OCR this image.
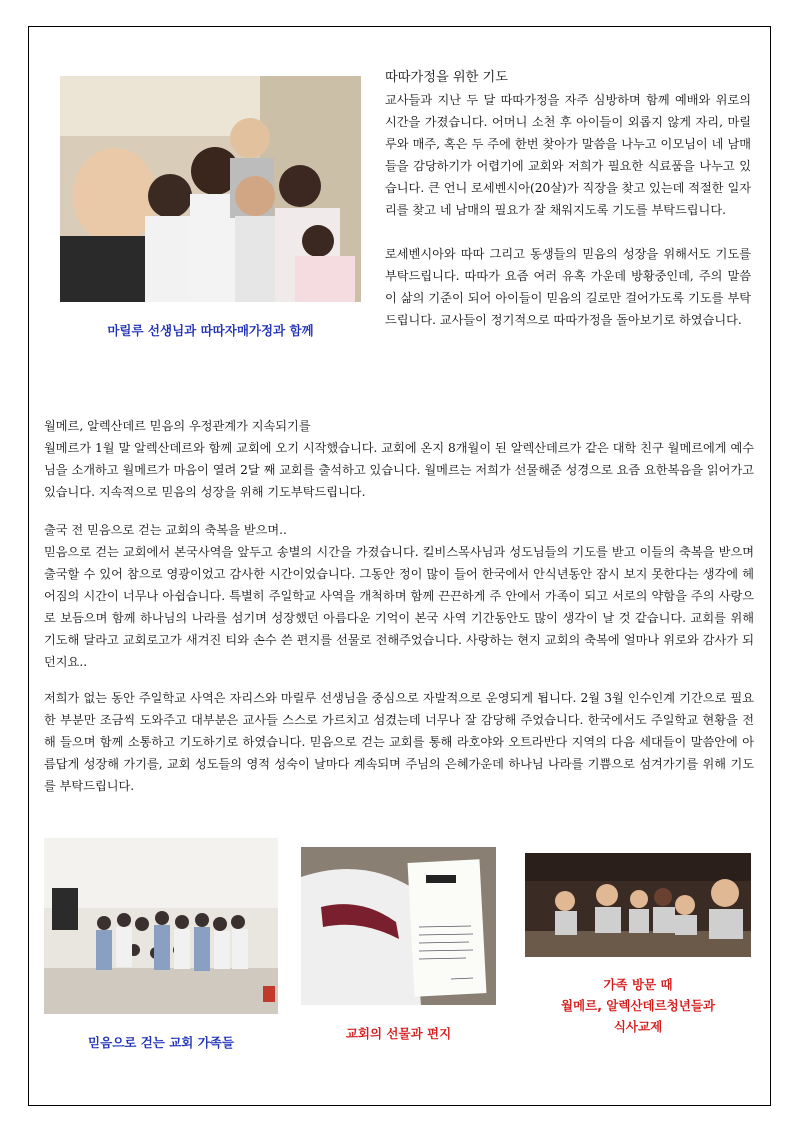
마릴루 선생님과 따따자매가정과 함께

따따가정을 위한 기도

교사들과 지난 두 달 따따가정을 자주 심방하며 함께 예배와 위로의 시간을 가졌습니다. 어머니 소천 후 아이들이 외롭지 않게 자리, 마릴루와 매주, 혹은 두 주에 한번 찾아가 말씀을 나누고 이모님이 네 남매들을 감당하기가 어렵기에 교회와 저희가 필요한 식료품을 나누고 있습니다. 큰 언니 로세벤시아(20살)가 직장을 찾고 있는데 적절한 일자리를 찾고 네 남매의 필요가 잘 채워지도록 기도를 부탁드립니다.

로세벤시아와 따따 그리고 동생들의 믿음의 성장을 위해서도 기도를 부탁드립니다. 따따가 요즘 여러 유혹 가운데 방황중인데, 주의 말씀이 삶의 기준이 되어 아이들이 믿음의 길로만 걸어가도록 기도를 부탁드립니다. 교사들이 정기적으로 따따가정을 돌아보기로 하였습니다.

월메르, 알렉산데르 믿음의 우정관계가 지속되기를

월메르가 1월 말 알렉산데르와 함께 교회에 오기 시작했습니다. 교회에 온지 8개월이 된 알렉산데르가 같은 대학 친구 월메르에게 예수님을 소개하고 월메르가 마음이 열려 2달 째 교회를 출석하고 있습니다. 월메르는 저희가 선물해준 성경으로 요즘 요한복음을 읽어가고 있습니다. 지속적으로 믿음의 성장을 위해 기도부탁드립니다.

출국 전 믿음으로 걷는 교회의 축복을 받으며..

믿음으로 걷는 교회에서 본국사역을 앞두고 송별의 시간을 가졌습니다. 킬비스목사님과 성도님들의 기도를 받고 이들의 축복을 받으며 출국할 수 있어 참으로 영광이었고 감사한 시간이었습니다. 그동안 정이 많이 들어 한국에서 안식년동안 잠시 보지 못한다는 생각에 헤어짐의 시간이 너무나 아쉽습니다. 특별히 주일학교 사역을 개척하며 함께 끈끈하게 주 안에서 가족이 되고 서로의 약함을 주의 사랑으로 보듬으며 함께 하나님의 나라를 섬기며 성장했던 아름다운 기억이 본국 사역 기간동안도 많이 생각이 날 것 같습니다. 교회를 위해 기도해 달라고 교회로고가 새겨진 티와 손수 쓴 편지를 선물로 전해주었습니다. 사랑하는 현지 교회의 축복에 얼마나 위로와 감사가 되던지요..

저희가 없는 동안 주일학교 사역은 자리스와 마릴루 선생님을 중심으로 자발적으로 운영되게 됩니다. 2월 3월 인수인계 기간으로 필요한 부분만 조금씩 도와주고 대부분은 교사들 스스로 가르치고 섬겼는데 너무나 잘 감당해 주었습니다. 한국에서도 주일학교 현황을 전해 들으며 함께 소통하고 기도하기로 하였습니다. 믿음으로 걷는 교회를 통해 라호야와 오트라반다 지역의 다음 세대들이 말씀안에 아름답게 성장해 가기를, 교회 성도들의 영적 성숙이 날마다 계속되며 주님의 은혜가운데 하나님 나라를 기쁨으로 섬겨가기를 위해 기도를 부탁드립니다.

믿음으로 걷는 교회 가족들
교회의 선물과 편지
가족 방문 때
월메르, 알렉산데르청년들과
식사교제
